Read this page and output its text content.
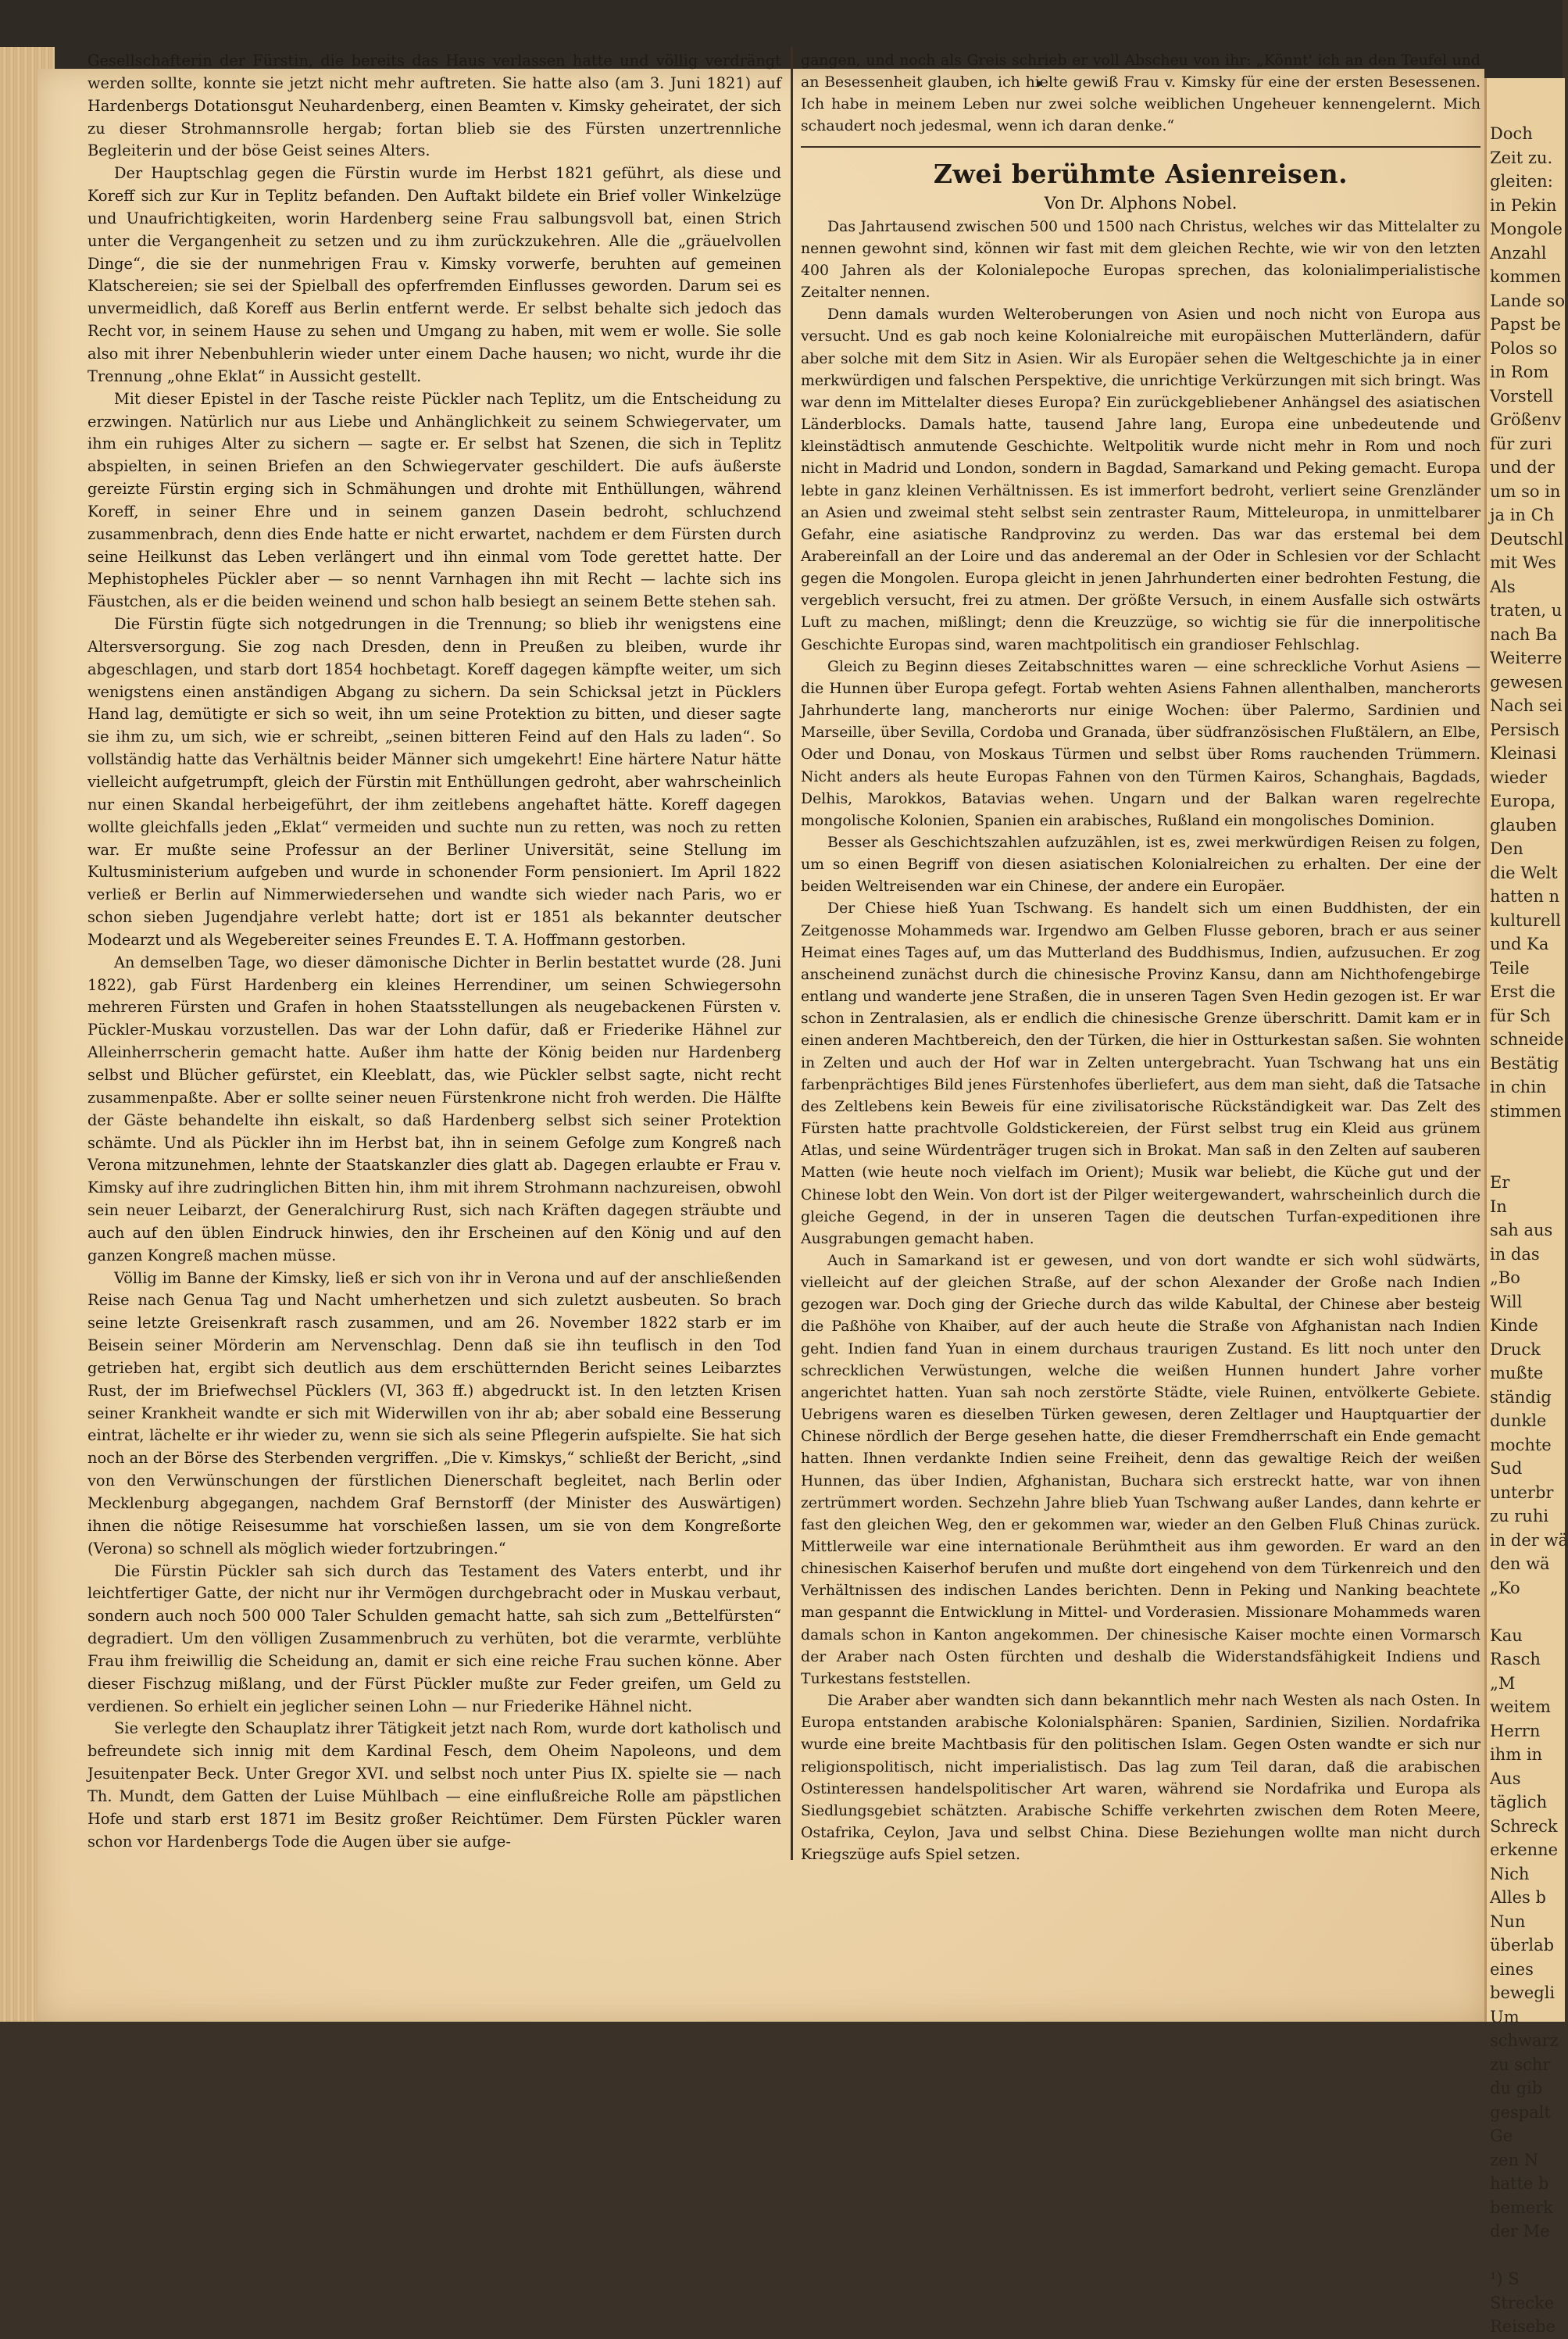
Gesellschafterin der Fürstin, die bereits das Haus verlassen hatte und völlig verdrängt werden sollte, konnte sie jetzt nicht mehr auftreten. Sie hatte also (am 3. Juni 1821) auf Hardenbergs Dotationsgut Neuhardenberg, einen Beamten v. Kimsky geheiratet, der sich zu dieser Strohmannsrolle hergab; fortan blieb sie des Fürsten unzertrennliche Begleiterin und der böse Geist seines Alters.

Der Hauptschlag gegen die Fürstin wurde im Herbst 1821 geführt, als diese und Koreff sich zur Kur in Teplitz befanden. Den Auftakt bildete ein Brief voller Winkelzüge und Unaufrichtigkeiten, worin Hardenberg seine Frau salbungsvoll bat, einen Strich unter die Vergangenheit zu setzen und zu ihm zurückzukehren. Alle die „gräuelvollen Dinge“, die sie der nunmehrigen Frau v. Kimsky vorwerfe, beruhten auf gemeinen Klatschereien; sie sei der Spielball des opferfremden Einflusses geworden. Darum sei es unvermeidlich, daß Koreff aus Berlin entfernt werde. Er selbst behalte sich jedoch das Recht vor, in seinem Hause zu sehen und Umgang zu haben, mit wem er wolle. Sie solle also mit ihrer Nebenbuhlerin wieder unter einem Dache hausen; wo nicht, wurde ihr die Trennung „ohne Eklat“ in Aussicht gestellt.

Mit dieser Epistel in der Tasche reiste Pückler nach Teplitz, um die Entscheidung zu erzwingen. Natürlich nur aus Liebe und Anhänglichkeit zu seinem Schwiegervater, um ihm ein ruhiges Alter zu sichern — sagte er. Er selbst hat Szenen, die sich in Teplitz abspielten, in seinen Briefen an den Schwiegervater geschildert. Die aufs äußerste gereizte Fürstin erging sich in Schmähungen und drohte mit Enthüllungen, während Koreff, in seiner Ehre und in seinem ganzen Dasein bedroht, schluchzend zusammenbrach, denn dies Ende hatte er nicht erwartet, nachdem er dem Fürsten durch seine Heilkunst das Leben verlängert und ihn einmal vom Tode gerettet hatte. Der Mephistopheles Pückler aber — so nennt Varnhagen ihn mit Recht — lachte sich ins Fäustchen, als er die beiden weinend und schon halb besiegt an seinem Bette stehen sah.

Die Fürstin fügte sich notgedrungen in die Trennung; so blieb ihr wenigstens eine Altersversorgung. Sie zog nach Dresden, denn in Preußen zu bleiben, wurde ihr abgeschlagen, und starb dort 1854 hochbetagt. Koreff dagegen kämpfte weiter, um sich wenigstens einen anständigen Abgang zu sichern. Da sein Schicksal jetzt in Pücklers Hand lag, demütigte er sich so weit, ihn um seine Protektion zu bitten, und dieser sagte sie ihm zu, um sich, wie er schreibt, „seinen bitteren Feind auf den Hals zu laden“. So vollständig hatte das Verhältnis beider Männer sich umgekehrt! Eine härtere Natur hätte vielleicht aufgetrumpft, gleich der Fürstin mit Enthüllungen gedroht, aber wahrscheinlich nur einen Skandal herbeigeführt, der ihm zeitlebens angehaftet hätte. Koreff dagegen wollte gleichfalls jeden „Eklat“ vermeiden und suchte nun zu retten, was noch zu retten war. Er mußte seine Professur an der Berliner Universität, seine Stellung im Kultusministerium aufgeben und wurde in schonender Form pensioniert. Im April 1822 verließ er Berlin auf Nimmerwiedersehen und wandte sich wieder nach Paris, wo er schon sieben Jugendjahre verlebt hatte; dort ist er 1851 als bekannter deutscher Modearzt und als Wegebereiter seines Freundes E. T. A. Hoffmann gestorben.

An demselben Tage, wo dieser dämonische Dichter in Berlin bestattet wurde (28. Juni 1822), gab Fürst Hardenberg ein kleines Herrendiner, um seinen Schwiegersohn mehreren Fürsten und Grafen in hohen Staatsstellungen als neugebackenen Fürsten v. Pückler-Muskau vorzustellen. Das war der Lohn dafür, daß er Friederike Hähnel zur Alleinherrscherin gemacht hatte. Außer ihm hatte der König beiden nur Hardenberg selbst und Blücher gefürstet, ein Kleeblatt, das, wie Pückler selbst sagte, nicht recht zusammenpaßte. Aber er sollte seiner neuen Fürstenkrone nicht froh werden. Die Hälfte der Gäste behandelte ihn eiskalt, so daß Hardenberg selbst sich seiner Protektion schämte. Und als Pückler ihn im Herbst bat, ihn in seinem Gefolge zum Kongreß nach Verona mitzunehmen, lehnte der Staatskanzler dies glatt ab. Dagegen erlaubte er Frau v. Kimsky auf ihre zudringlichen Bitten hin, ihm mit ihrem Strohmann nachzureisen, obwohl sein neuer Leibarzt, der Generalchirurg Rust, sich nach Kräften dagegen sträubte und auch auf den üblen Eindruck hinwies, den ihr Erscheinen auf den König und auf den ganzen Kongreß machen müsse.

Völlig im Banne der Kimsky, ließ er sich von ihr in Verona und auf der anschließenden Reise nach Genua Tag und Nacht umherhetzen und sich zuletzt ausbeuten. So brach seine letzte Greisenkraft rasch zusammen, und am 26. November 1822 starb er im Beisein seiner Mörderin am Nervenschlag. Denn daß sie ihn teuflisch in den Tod getrieben hat, ergibt sich deutlich aus dem erschütternden Bericht seines Leibarztes Rust, der im Briefwechsel Pücklers (VI, 363 ff.) abgedruckt ist. In den letzten Krisen seiner Krankheit wandte er sich mit Widerwillen von ihr ab; aber sobald eine Besserung eintrat, lächelte er ihr wieder zu, wenn sie sich als seine Pflegerin aufspielte. Sie hat sich noch an der Börse des Sterbenden vergriffen. „Die v. Kimskys,“ schließt der Bericht, „sind von den Verwünschungen der fürstlichen Dienerschaft begleitet, nach Berlin oder Mecklenburg abgegangen, nachdem Graf Bernstorff (der Minister des Auswärtigen) ihnen die nötige Reisesumme hat vorschießen lassen, um sie von dem Kongreßorte (Verona) so schnell als möglich wieder fortzubringen.“

Die Fürstin Pückler sah sich durch das Testament des Vaters enterbt, und ihr leichtfertiger Gatte, der nicht nur ihr Vermögen durchgebracht oder in Muskau verbaut, sondern auch noch 500 000 Taler Schulden gemacht hatte, sah sich zum „Bettelfürsten“ degradiert. Um den völligen Zusammenbruch zu verhüten, bot die verarmte, verblühte Frau ihm freiwillig die Scheidung an, damit er sich eine reiche Frau suchen könne. Aber dieser Fischzug mißlang, und der Fürst Pückler mußte zur Feder greifen, um Geld zu verdienen. So erhielt ein jeglicher seinen Lohn — nur Friederike Hähnel nicht.

Sie verlegte den Schauplatz ihrer Tätigkeit jetzt nach Rom, wurde dort katholisch und befreundete sich innig mit dem Kardinal Fesch, dem Oheim Napoleons, und dem Jesuitenpater Beck. Unter Gregor XVI. und selbst noch unter Pius IX. spielte sie — nach Th. Mundt, dem Gatten der Luise Mühlbach — eine einflußreiche Rolle am päpstlichen Hofe und starb erst 1871 im Besitz großer Reichtümer. Dem Fürsten Pückler waren schon vor Hardenbergs Tode die Augen über sie aufge-

gangen, und noch als Greis schrieb er voll Abscheu von ihr: „Könnt' ich an den Teufel und an Besessenheit glauben, ich hielte gewiß Frau v. Kimsky für eine der ersten Besessenen. Ich habe in meinem Leben nur zwei solche weiblichen Ungeheuer kennengelernt. Mich schaudert noch jedesmal, wenn ich daran denke.“

Zwei berühmte Asienreisen.
Von Dr. Alphons Nobel.

Das Jahrtausend zwischen 500 und 1500 nach Christus, welches wir das Mittelalter zu nennen gewohnt sind, können wir fast mit dem gleichen Rechte, wie wir von den letzten 400 Jahren als der Kolonialepoche Europas sprechen, das kolonialimperialistische Zeitalter nennen.

Denn damals wurden Welteroberungen von Asien und noch nicht von Europa aus versucht. Und es gab noch keine Kolonialreiche mit europäischen Mutterländern, dafür aber solche mit dem Sitz in Asien. Wir als Europäer sehen die Weltgeschichte ja in einer merkwürdigen und falschen Perspektive, die unrichtige Verkürzungen mit sich bringt. Was war denn im Mittelalter dieses Europa? Ein zurückgebliebener Anhängsel des asiatischen Länderblocks. Damals hatte, tausend Jahre lang, Europa eine unbedeutende und kleinstädtisch anmutende Geschichte. Weltpolitik wurde nicht mehr in Rom und noch nicht in Madrid und London, sondern in Bagdad, Samarkand und Peking gemacht. Europa lebte in ganz kleinen Verhältnissen. Es ist immerfort bedroht, verliert seine Grenzländer an Asien und zweimal steht selbst sein zentraster Raum, Mitteleuropa, in unmittelbarer Gefahr, eine asiatische Randprovinz zu werden. Das war das erstemal bei dem Arabereinfall an der Loire und das anderemal an der Oder in Schlesien vor der Schlacht gegen die Mongolen. Europa gleicht in jenen Jahrhunderten einer bedrohten Festung, die vergeblich versucht, frei zu atmen. Der größte Versuch, in einem Ausfalle sich ostwärts Luft zu machen, mißlingt; denn die Kreuzzüge, so wichtig sie für die innerpolitische Geschichte Europas sind, waren machtpolitisch ein grandioser Fehlschlag.

Gleich zu Beginn dieses Zeitabschnittes waren — eine schreckliche Vorhut Asiens — die Hunnen über Europa gefegt. Fortab wehten Asiens Fahnen allenthalben, mancherorts Jahrhunderte lang, mancherorts nur einige Wochen: über Palermo, Sardinien und Marseille, über Sevilla, Cordoba und Granada, über südfranzösischen Flußtälern, an Elbe, Oder und Donau, von Moskaus Türmen und selbst über Roms rauchenden Trümmern. Nicht anders als heute Europas Fahnen von den Türmen Kairos, Schanghais, Bagdads, Delhis, Marokkos, Batavias wehen. Ungarn und der Balkan waren regelrechte mongolische Kolonien, Spanien ein arabisches, Rußland ein mongolisches Dominion.

Besser als Geschichtszahlen aufzuzählen, ist es, zwei merkwürdigen Reisen zu folgen, um so einen Begriff von diesen asiatischen Kolonialreichen zu erhalten. Der eine der beiden Weltreisenden war ein Chinese, der andere ein Europäer.

Der Chiese hieß Yuan Tschwang. Es handelt sich um einen Buddhisten, der ein Zeitgenosse Mohammeds war. Irgendwo am Gelben Flusse geboren, brach er aus seiner Heimat eines Tages auf, um das Mutterland des Buddhismus, Indien, aufzusuchen. Er zog anscheinend zunächst durch die chinesische Provinz Kansu, dann am Nichthofengebirge entlang und wanderte jene Straßen, die in unseren Tagen Sven Hedin gezogen ist. Er war schon in Zentralasien, als er endlich die chinesische Grenze überschritt. Damit kam er in einen anderen Machtbereich, den der Türken, die hier in Ostturkestan saßen. Sie wohnten in Zelten und auch der Hof war in Zelten untergebracht. Yuan Tschwang hat uns ein farbenprächtiges Bild jenes Fürstenhofes überliefert, aus dem man sieht, daß die Tatsache des Zeltlebens kein Beweis für eine zivilisatorische Rückständigkeit war. Das Zelt des Fürsten hatte prachtvolle Goldstickereien, der Fürst selbst trug ein Kleid aus grünem Atlas, und seine Würdenträger trugen sich in Brokat. Man saß in den Zelten auf sauberen Matten (wie heute noch vielfach im Orient); Musik war beliebt, die Küche gut und der Chinese lobt den Wein. Von dort ist der Pilger weitergewandert, wahrscheinlich durch die gleiche Gegend, in der in unseren Tagen die deutschen Turfan-expeditionen ihre Ausgrabungen gemacht haben.

Auch in Samarkand ist er gewesen, und von dort wandte er sich wohl südwärts, vielleicht auf der gleichen Straße, auf der schon Alexander der Große nach Indien gezogen war. Doch ging der Grieche durch das wilde Kabultal, der Chinese aber besteig die Paßhöhe von Khaiber, auf der auch heute die Straße von Afghanistan nach Indien geht. Indien fand Yuan in einem durchaus traurigen Zustand. Es litt noch unter den schrecklichen Verwüstungen, welche die weißen Hunnen hundert Jahre vorher angerichtet hatten. Yuan sah noch zerstörte Städte, viele Ruinen, entvölkerte Gebiete. Uebrigens waren es dieselben Türken gewesen, deren Zeltlager und Hauptquartier der Chinese nördlich der Berge gesehen hatte, die dieser Fremdherrschaft ein Ende gemacht hatten. Ihnen verdankte Indien seine Freiheit, denn das gewaltige Reich der weißen Hunnen, das über Indien, Afghanistan, Buchara sich erstreckt hatte, war von ihnen zertrümmert worden. Sechzehn Jahre blieb Yuan Tschwang außer Landes, dann kehrte er fast den gleichen Weg, den er gekommen war, wieder an den Gelben Fluß Chinas zurück. Mittlerweile war eine internationale Berühmtheit aus ihm geworden. Er ward an den chinesischen Kaiserhof berufen und mußte dort eingehend von dem Türkenreich und den Verhältnissen des indischen Landes berichten. Denn in Peking und Nanking beachtete man gespannt die Entwicklung in Mittel- und Vorderasien. Missionare Mohammeds waren damals schon in Kanton angekommen. Der chinesische Kaiser mochte einen Vormarsch der Araber nach Osten fürchten und deshalb die Widerstandsfähigkeit Indiens und Turkestans feststellen.

Die Araber aber wandten sich dann bekanntlich mehr nach Westen als nach Osten. In Europa entstanden arabische Kolonialsphären: Spanien, Sardinien, Sizilien. Nordafrika wurde eine breite Machtbasis für den politischen Islam. Gegen Osten wandte er sich nur religionspolitisch, nicht imperialistisch. Das lag zum Teil daran, daß die arabischen Ostinteressen handelspolitischer Art waren, während sie Nordafrika und Europa als Siedlungsgebiet schätzten. Arabische Schiffe verkehrten zwischen dem Roten Meere, Ostafrika, Ceylon, Java und selbst China. Diese Beziehungen wollte man nicht durch Kriegszüge aufs Spiel setzen.

Doch
Zeit zu.
gleiten:
in Pekin
Mongole
Anzahl
kommen
Lande so
Papst be
Polos so
in Rom
Vorstell
Größenv
für zuri
und der
um so in
ja in Ch
Deutschl
mit Wes
Als
traten, u
nach Ba
Weiterre
gewesen
Nach sei
Persisch
Kleinasi
wieder
Europa,
glauben
Den
die Welt
hatten n
kulturell
und Ka
Teile
Erst die
für Sch
schneide
Bestätig
in chin
stimmen

Er
In
sah aus
in das
„Bo
Will
Kinde
Druck
mußte
ständig
dunkle
mochte
Sud
unterbr
zu ruhi
in der wä
den wä
„Ko

Kau
Rasch
„M
weitem
Herrn
ihm in
Aus
täglich
Schreck
erkenne
Nich
Alles b
Nun
überlab
eines
bewegli
Um
schwarz
zu schr
du gib
gespalt
Ge
zen N
hatte b
bemerk
der Me

¹) S
Strecke
Reisebe
